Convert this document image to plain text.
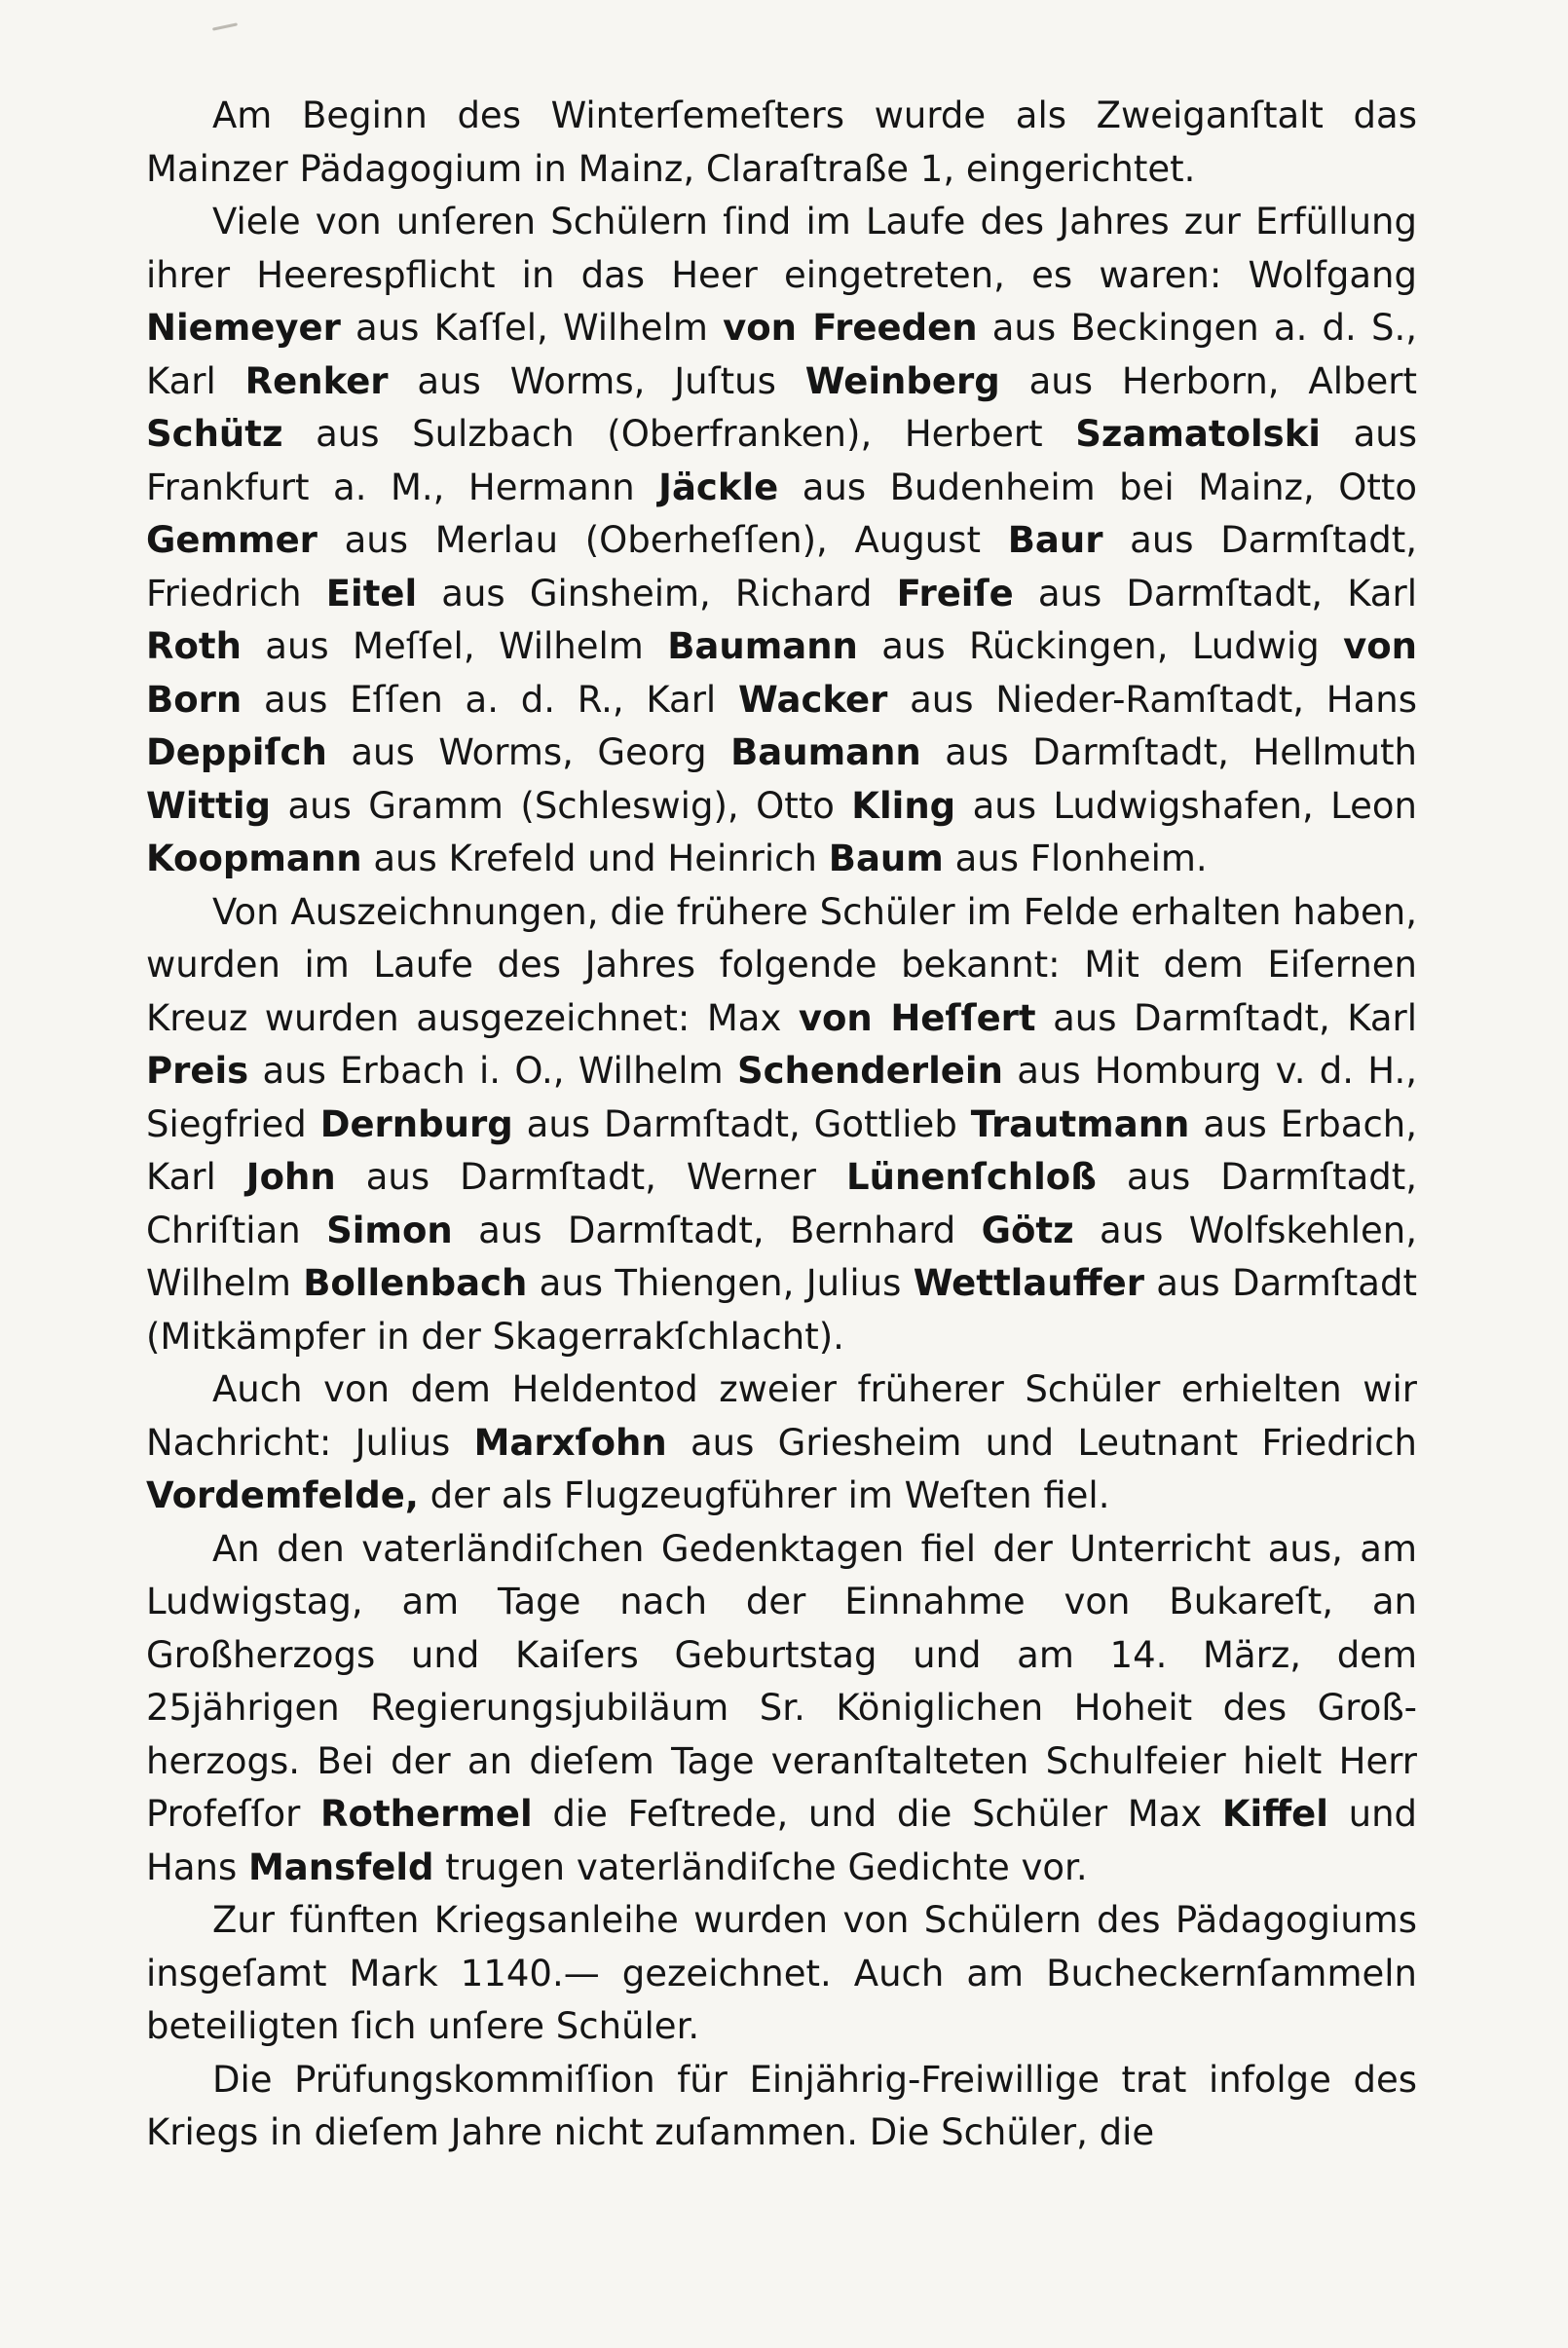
Am Beginn des Winterſemeſters wurde als Zweiganſtalt das Mainzer Pädagogium in Mainz, Claraſtraße 1, eingerichtet.

Viele von unſeren Schülern ſind im Laufe des Jahres zur Erfüllung ihrer Heerespflicht in das Heer eingetreten, es waren: Wolfgang Niemeyer aus Kaſſel, Wilhelm von Freeden aus Beckingen a. d. S., Karl Renker aus Worms, Juſtus Weinberg aus Herborn, Albert Schütz aus Sulzbach (Oberfranken), Herbert Szamatolski aus Frankfurt a. M., Hermann Jäckle aus Budenheim bei Mainz, Otto Gemmer aus Merlau (Oberheſſen), August Baur aus Darmſtadt, Friedrich Eitel aus Ginsheim, Richard Freiſe aus Darmſtadt, Karl Roth aus Meſſel, Wilhelm Baumann aus Rückingen, Ludwig von Born aus Eſſen a. d. R., Karl Wacker aus Nieder-Ramſtadt, Hans Deppiſch aus Worms, Georg Baumann aus Darmſtadt, Hellmuth Wittig aus Gramm (Schleswig), Otto Kling aus Ludwigshafen, Leon Koopmann aus Krefeld und Heinrich Baum aus Flonheim.

Von Auszeichnungen, die frühere Schüler im Felde erhalten haben, wurden im Laufe des Jahres folgende bekannt: Mit dem Eiſernen Kreuz wurden ausgezeichnet: Max von Heſſert aus Darmſtadt, Karl Preis aus Erbach i. O., Wilhelm Schenderlein aus Homburg v. d. H., Siegfried Dernburg aus Darmſtadt, Gottlieb Trautmann aus Erbach, Karl John aus Darmſtadt, Werner Lünenſchloß aus Darmſtadt, Chriſtian Simon aus Darmſtadt, Bernhard Götz aus Wolfskehlen, Wilhelm Bollenbach aus Thiengen, Julius Wettlauffer aus Darmſtadt (Mitkämpfer in der Skagerrakſchlacht).

Auch von dem Heldentod zweier früherer Schüler erhielten wir Nachricht: Julius Marxſohn aus Griesheim und Leutnant Friedrich Vordemfelde, der als Flugzeugführer im Weſten fiel.

An den vaterländiſchen Gedenktagen fiel der Unterricht aus, am Ludwigstag, am Tage nach der Einnahme von Bukareſt, an Großherzogs und Kaiſers Geburtstag und am 14. März, dem 25jährigen Regierungsjubiläum Sr. Königlichen Hoheit des Großherzogs. Bei der an dieſem Tage veranſtalteten Schulfeier hielt Herr Profeſſor Rothermel die Feſtrede, und die Schüler Max Kiffel und Hans Mansfeld trugen vaterländiſche Gedichte vor.

Zur fünften Kriegsanleihe wurden von Schülern des Pädagogiums insgeſamt Mark 1140.— gezeichnet. Auch am Bucheckernſammeln beteiligten ſich unſere Schüler.

Die Prüfungskommiſſion für Einjährig-Freiwillige trat infolge des Kriegs in dieſem Jahre nicht zuſammen. Die Schüler, die
